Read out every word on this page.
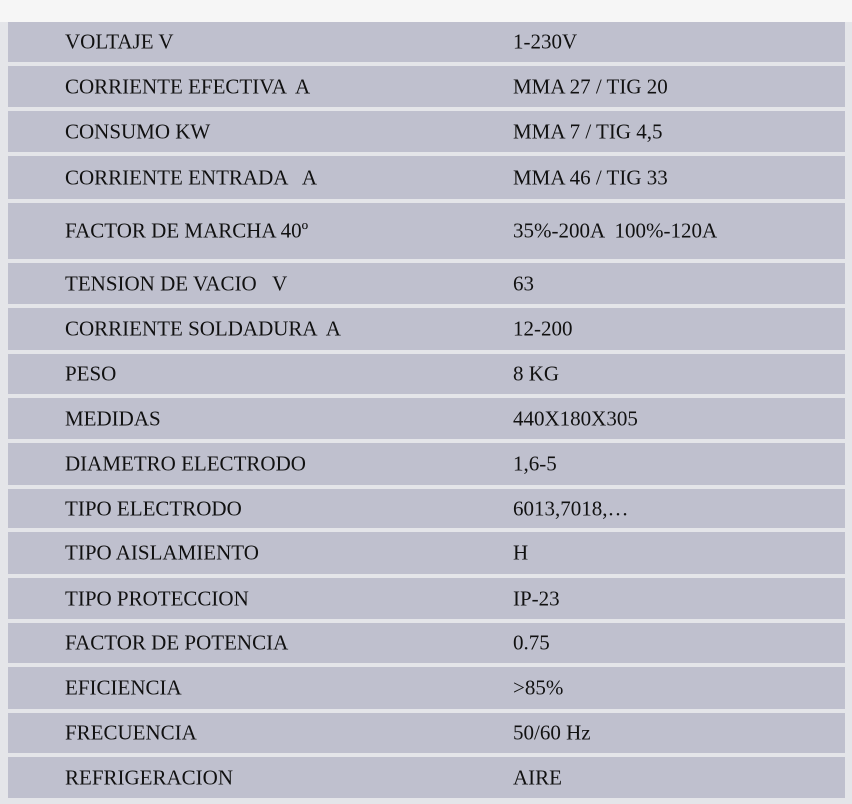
VOLTAJE V	1-230V
CORRIENTE EFECTIVA  A	MMA 27 / TIG 20
CONSUMO KW	MMA 7 / TIG 4,5
CORRIENTE ENTRADA   A	MMA 46 / TIG 33
FACTOR DE MARCHA 40º	35%-200A  100%-120A
TENSION DE VACIO   V	63
CORRIENTE SOLDADURA  A	12-200
PESO	8 KG
MEDIDAS	440X180X305
DIAMETRO ELECTRODO	1,6-5
TIPO ELECTRODO	6013,7018,…
TIPO AISLAMIENTO	H
TIPO PROTECCION	IP-23
FACTOR DE POTENCIA	0.75
EFICIENCIA	>85%
FRECUENCIA	50/60 Hz
REFRIGERACION	AIRE
